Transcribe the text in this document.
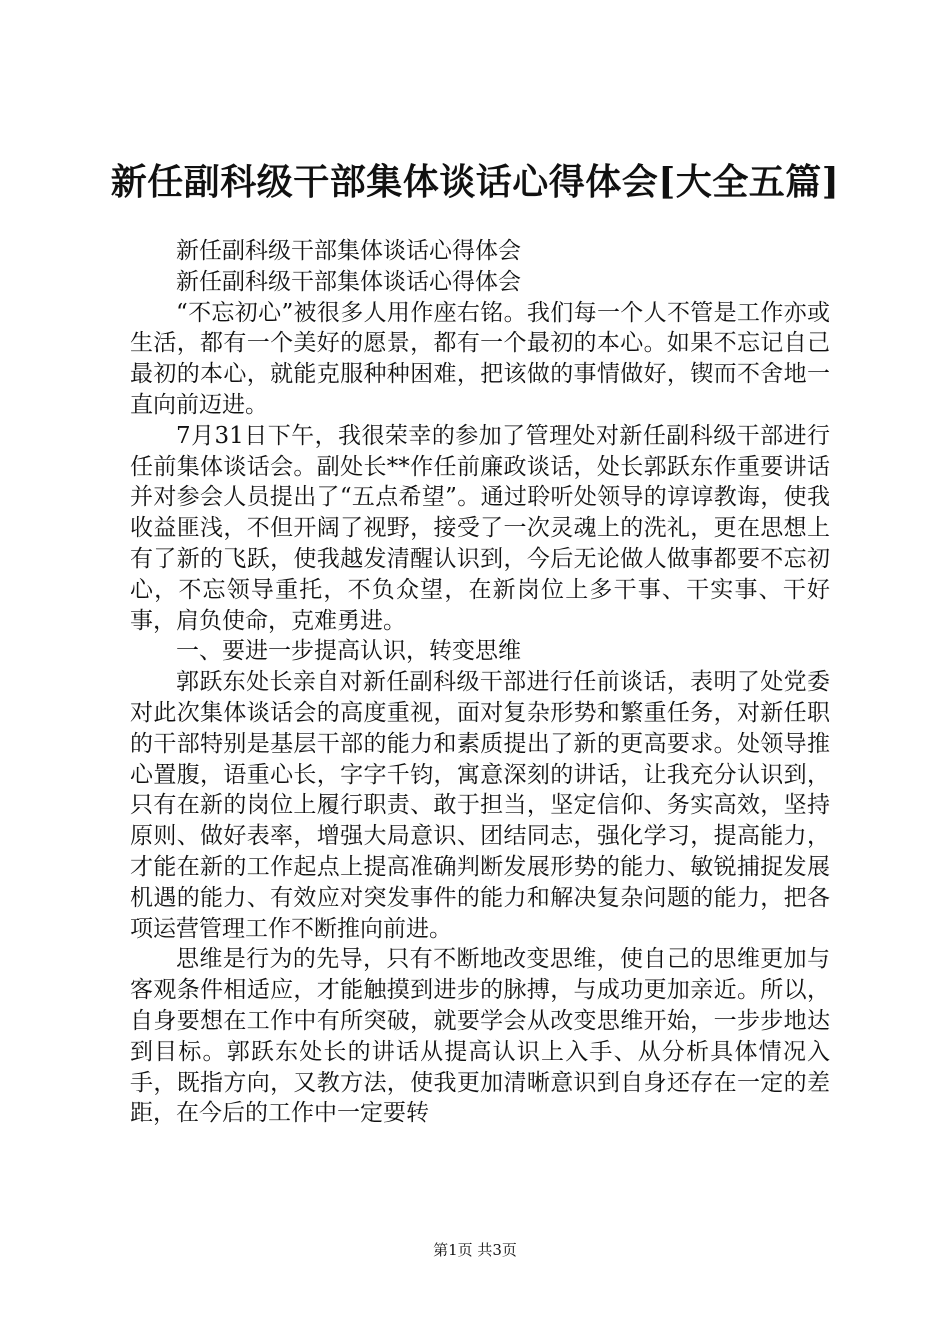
新任副科级干部集体谈话心得体会[大全五篇]

新任副科级干部集体谈话心得体会

新任副科级干部集体谈话心得体会

“不忘初心”被很多人用作座右铭。我们每一个人不管是工作亦或生活，都有一个美好的愿景，都有一个最初的本心。如果不忘记自己最初的本心，就能克服种种困难，把该做的事情做好，锲而不舍地一直向前迈进。

7月31日下午，我很荣幸的参加了管理处对新任副科级干部进行任前集体谈话会。副处长**作任前廉政谈话，处长郭跃东作重要讲话并对参会人员提出了“五点希望”。通过聆听处领导的谆谆教诲，使我收益匪浅，不但开阔了视野，接受了一次灵魂上的洗礼，更在思想上有了新的飞跃，使我越发清醒认识到，今后无论做人做事都要不忘初心，不忘领导重托，不负众望，在新岗位上多干事、干实事、干好事，肩负使命，克难勇进。

一、要进一步提高认识，转变思维

郭跃东处长亲自对新任副科级干部进行任前谈话，表明了处党委对此次集体谈话会的高度重视，面对复杂形势和繁重任务，对新任职的干部特别是基层干部的能力和素质提出了新的更高要求。处领导推心置腹，语重心长，字字千钧，寓意深刻的讲话，让我充分认识到，只有在新的岗位上履行职责、敢于担当，坚定信仰、务实高效，坚持原则、做好表率，增强大局意识、团结同志，强化学习，提高能力，才能在新的工作起点上提高准确判断发展形势的能力、敏锐捕捉发展机遇的能力、有效应对突发事件的能力和解决复杂问题的能力，把各项运营管理工作不断推向前进。

思维是行为的先导，只有不断地改变思维，使自己的思维更加与客观条件相适应，才能触摸到进步的脉搏，与成功更加亲近。所以，自身要想在工作中有所突破，就要学会从改变思维开始，一步步地达到目标。郭跃东处长的讲话从提高认识上入手、从分析具体情况入手，既指方向，又教方法，使我更加清晰意识到自身还存在一定的差距，在今后的工作中一定要转

第1页 共3页
